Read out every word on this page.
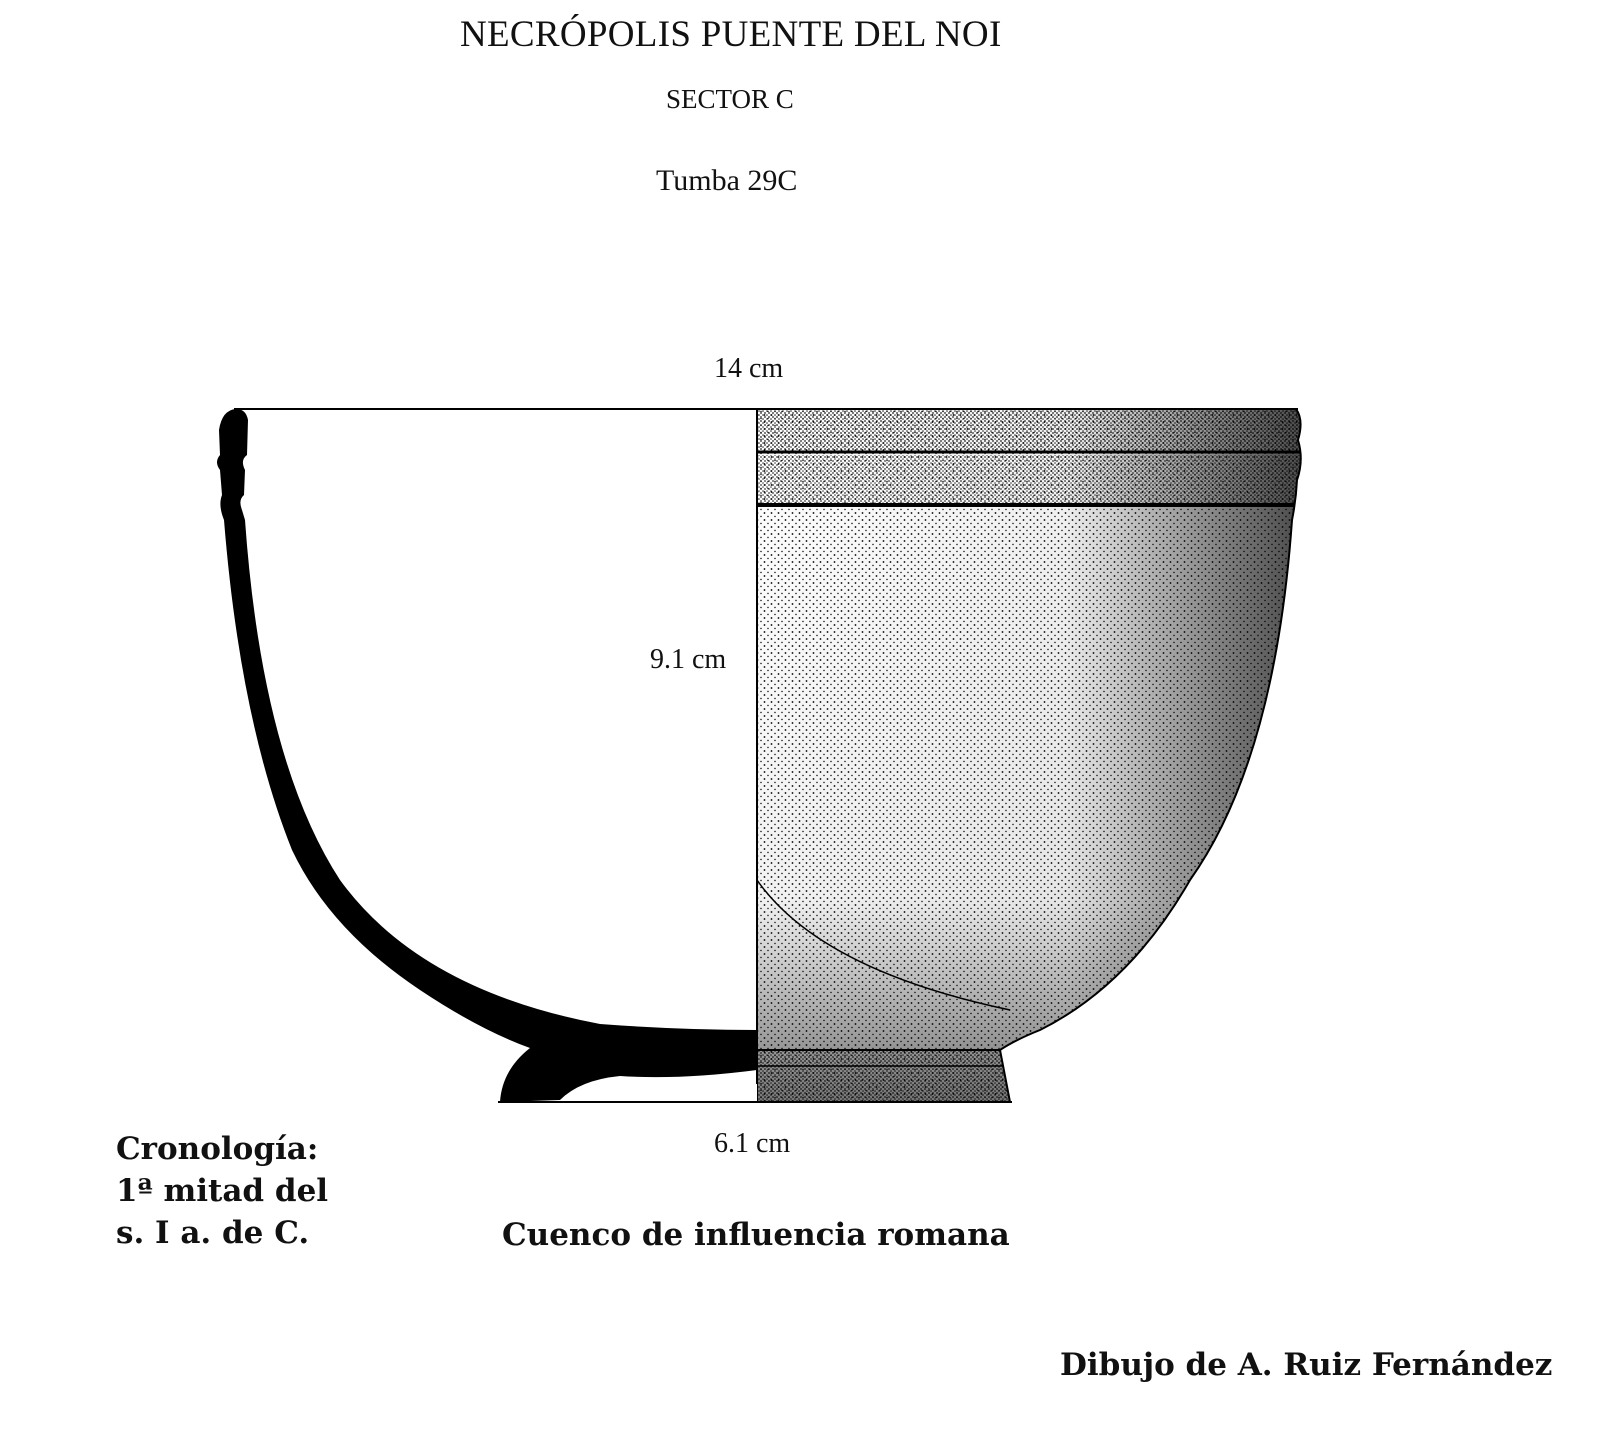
NECRÓPOLIS PUENTE DEL NOI
SECTOR C
Tumba 29C
14 cm
9.1 cm
6.1 cm
Cronología:
1ª mitad del
s. I a. de C.	Cuenco de influencia romana
Dibujo de A. Ruiz Fernández
